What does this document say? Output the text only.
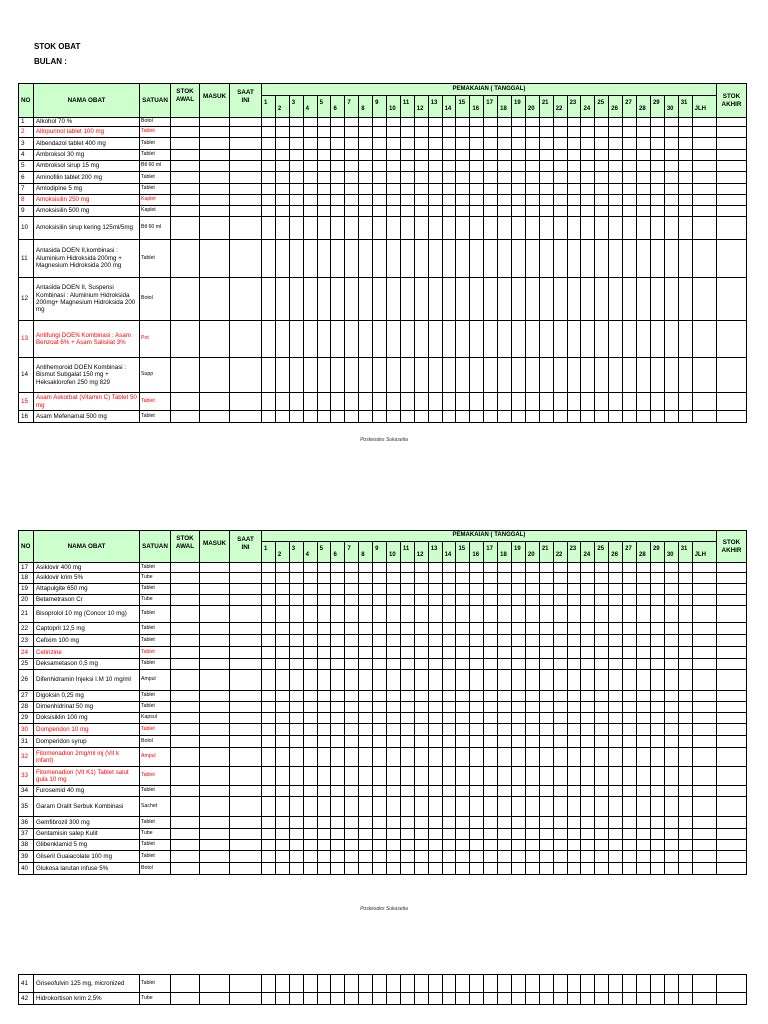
STOK OBAT
BULAN :
NO	NAMA OBAT	SATUAN	STOK AWAL	MASUK	SAAT INI	PEMAKAIAN ( TANGGAL)																																STOK AKHIR
						1	2	3	4	5	6	7	8	9	10	11	12	13	14	15	16	17	18	19	20	21	22	23	24	25	26	27	28	29	30	31	JLH	
1	Alkohol 70 %	Botol																																				
2	Allopurinol tablet 100 mg	Tablet																																				
3	Albendazol tablet 400 mg	Tablet																																				
4	Ambroksol 30 mg	Tablet																																				
5	Ambroksol sirup 15 mg	Btl 60 ml																																				
6	Aminofilin tablet 200 mg	Tablet																																				
7	Amlodipine 5 mg	Tablet																																				
8	Amoksisilin 250 mg	Kaplet																																				
9	Amoksisilin 500 mg	Kaplet																																				
10	Amoksisilin sirup kering 125ml/5mg	Btl 60 ml																																				
11	Antasida DOEN II,kombinasi : Aluminium Hidroksida 200mg + Magnesium Hidroksida 200 mg	Tablet																																				
12	Antasida DOEN II, Suspensi Kombinasi : Aluminium Hidroksida 200mg+ Magnesium Hidroksida 200 mg	Botol																																				
13	Antifungi DOEN Kombinasi : Asam Benzoat 6% + Asam Salisilat 3%	Pot																																				
14	Antihemoroid DOEN Kombinasi : Bismut Subgalat 150 mg + Heksaklorofen 250 mg 829	Supp																																				
15	Asam Askorbat (Vitamin C) Tablet 50 mg	Tablet																																				
16	Asam Mefenamat 500 mg	Tablet																																				
Poskesdes Sukasetia
NO	NAMA OBAT	SATUAN	STOK AWAL	MASUK	SAAT INI	PEMAKAIAN ( TANGGAL)																																STOK AKHIR
						1	2	3	4	5	6	7	8	9	10	11	12	13	14	15	16	17	18	19	20	21	22	23	24	25	26	27	28	29	30	31	JLH	
17	Asiklovir 400 mg	Tablet																																				
18	Asiklovir krim 5%	Tube																																				
19	Attapulgite 650 mg	Tablet																																				
20	Betametrason Cr	Tube																																				
21	Bisoprolol 10 mg (Concor 10 mg)	Tablet																																				
22	Captopril 12,5 mg	Tablet																																				
23	Cefixim 100 mg	Tablet																																				
24	Cetirizine	Tablet																																				
25	Deksametason 0,5 mg	Tablet																																				
26	Difenhidramin Injeksi I.M 10 mg/ml	Ampul																																				
27	Digoksin 0,25 mg	Tablet																																				
28	Dimenhidrinat 50 mg	Tablet																																				
29	Doksisiklin 100 mg	Kapsul																																				
30	Domperidon 10 mg	Tablet																																				
31	Domperidon syrup	Botol																																				
32	Fitomenadion 2mg/ml inj (Vit k infant)	Ampul																																				
33	Fitomenadion (Vit K1) Tablet salut gula 10 mg	Tablet																																				
34	Furosemid 40 mg	Tablet																																				
35	Garam Oralit Serbuk Kombinasi	Sachet																																				
36	Gemfibrozil 300 mg	Tablet																																				
37	Gentamisin salep Kulit	Tube																																				
38	Glibenklamid 5 mg	Tablet																																				
39	Gliseril Guaiacolate 100 mg	Tablet																																				
40	Glukosa larutan infuse 5%	Botol																																				
Poskesdes Sukasetia
41	Griseofulvin 125 mg, micronized	Tablet																																				
42	Hidrokortison krim 2,5%	Tube																																				
